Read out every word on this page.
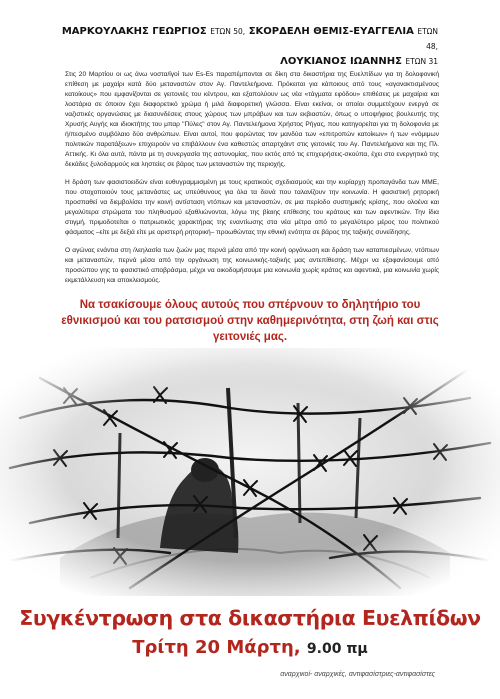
ΜΑΡΚΟΥΛΑΚΗΣ ΓΕΩΡΓΙΟΣ ΕΤΩΝ 50, ΣΚΟΡΔΕΛΗ ΘΕΜΙΣ-ΕΥΑΓΓΕΛΙΑ ΕΤΩΝ 48,
ΛΟΥΚΙΑΝΟΣ ΙΩΑΝΝΗΣ ΕΤΩΝ 31

Στις 20 Μαρτίου οι ως άνω νοστα/ίγοί των Es-Es παραπέμπονται σε δίκη στα δικαστήρια της Ευελπίδων για τη δολοφονική επίθεση με μαχαίρι κατά δύο μεταναστών στον Αγ. Παντελεήμονα. Πρόκειται για κάποιους από τους «αγανακτισμένους κατοίκους» που εμφανίζονται σε γειτονιές του κέντρου, και εξαπολύουν ως νέα «τάγματα εφόδου» επιθέσεις με μαχαίρια και λοστάρια σε όποιον έχει διαφορετικό χρώμα ή μιλά διαφορετική γλώσσα. Είναι εκείνοι, οι οποίοι συμμετέχουν ενεργά σε ναζιστικές οργανώσεις με διασυνδέσεις στους χώρους των μπράβων και των εκβιαστών, όπως ο υποψήφιος βουλευτής της Χρυσής Αυγής και ιδιοκτήτης του μπαρ "Πύλες" στον Αγ. Παντελεήμονα Χρήστος Ρήγας, που κατηγορείται για τη δολοφονία με ή/πεσμένο συμβόλαιο δύο ανθρώπων. Είναι αυτοί, που φορώντας τον μανδύα των «επιτροπών κατοίκων» ή των «νόμιμων πολιτικών παρατάξεων» επιχειρούν να επιβάλλουν ένα καθεστώς απαρτχάιντ στις γειτονιές του Αγ. Παντελεήμονα και της Πλ. Αττικής. Κι όλα αυτά, πάντα με τη συνεργασία της αστυνομίας, που εκτός από τις επιχειρήσεις-σκούπα, έχει στο ενεργητικό της δεκάδες ξυλοδαρμούς και ληστείες σε βάρος των μεταναστών της περιοχής.

Η δράση των φασιστοειδών είναι ευθυγραμμισμένη με τους κρατικούς σχεδιασμούς και την κυρίαρχη προπαγάνδα των ΜΜΕ, που στοχοποιούν τους μετανάστες ως υπεύθυνους για όλα τα δεινά που ταλανίζουν την κοινωνία. Η φασιστική ρητορική προσπαθεί να διεμβολίσει την κοινή αντίσταση ντόπιων και μεταναστών, σε μια περίοδο συστημικής κρίσης, που ολοένα και μεγαλύτερα στρώματα του πληθυσμού εξαθλιώνονται, λόγω της βίαιης επίθεσης του κράτους και των αφεντικών. Την ίδια στιγμή, πριμοδοτείται ο πατριωτικός χαρακτήρας της εναντίωσης στα νέα μέτρα από το μεγαλύτερο μέρος του πολιτικού φάσματος –είτε με δεξιά είτε με αριστερή ρητορική– προωθώντας την εθνική ενότητα σε βάρος της ταξικής συνείδησης.

Ο αγώνας ενάντια στη /λεηλασία των ζωών μας περνά μέσα από την κοινή οργάνωση και δράση των καταπιεσμένων, ντόπιων και μεταναστών, περνά μέσα από την οργάνωση της κοινωνικής-ταξικής μας αντεπίθεσης. Μέχρι να εξαφανίσουμε από προσώπου γης το φασιστικό αποβράσμα, μέχρι να οικοδομήσουμε μια κοινωνία χωρίς κράτος και αφεντικά, μια κοινωνία χωρίς εκμετάλλευση και αποκλεισμούς.

Να τσακίσουμε όλους αυτούς που σπέρνουν το δηλητήριο του εθνικισμού και του ρατσισμού στην καθημερινότητα, στη ζωή και στις γειτονιές μας.
Συγκέντρωση στα δικαστήρια Ευελπίδων
Τρίτη 20 Μάρτη, 9.00 πμ
αναρχικοί- αναρχικές, αντιφασίστριες-αντιφασίστες
